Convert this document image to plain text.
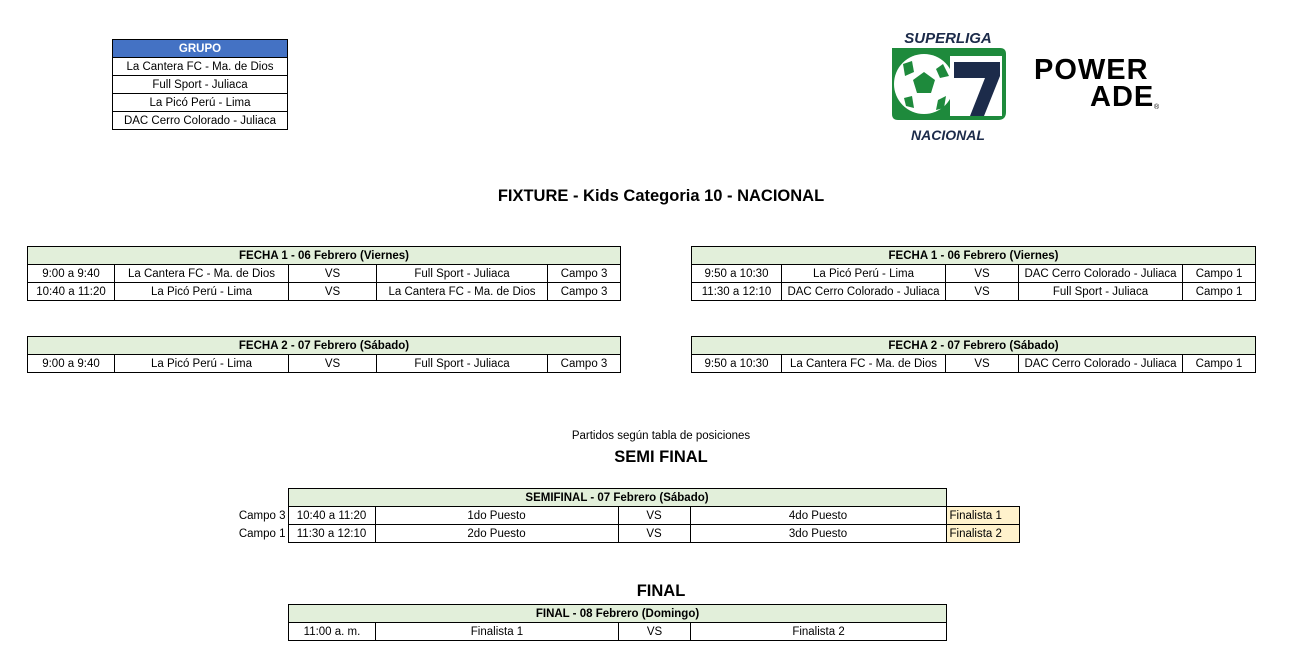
GRUPO
La Cantera FC - Ma. de Dios
Full Sport - Juliaca
La Picó Perú - Lima
DAC Cerro Colorado - Juliaca
SUPERLIGA
NACIONAL
POWER
ADE ®
FIXTURE - Kids Categoria 10 - NACIONAL
FECHA 1 - 06 Febrero (Viernes)				
9:00 a 9:40	La Cantera FC - Ma. de Dios	VS	Full Sport - Juliaca	Campo 3
10:40 a 11:20	La Picó Perú - Lima	VS	La Cantera FC - Ma. de Dios	Campo 3
FECHA 1 - 06 Febrero (Viernes)				
9:50 a 10:30	La Picó Perú - Lima	VS	DAC Cerro Colorado - Juliaca	Campo 1
11:30 a 12:10	DAC Cerro Colorado - Juliaca	VS	Full Sport - Juliaca	Campo 1
FECHA 2 - 07 Febrero (Sábado)
9:00 a 9:40	La Picó Perú - Lima	VS	Full Sport - Juliaca	Campo 3
FECHA 2 - 07 Febrero (Sábado)
9:50 a 10:30	La Cantera FC - Ma. de Dios	VS	DAC Cerro Colorado - Juliaca	Campo 1
Partidos según tabla de posiciones
SEMI FINAL
	SEMIFINAL - 07 Febrero (Sábado)				
Campo 3	10:40 a 11:20	1do Puesto	VS	4do Puesto	Finalista 1
Campo 1	11:30 a 12:10	2do Puesto	VS	3do Puesto	Finalista 2
FINAL
FINAL - 08 Febrero (Domingo)
11:00 a. m.	Finalista 1	VS	Finalista 2
